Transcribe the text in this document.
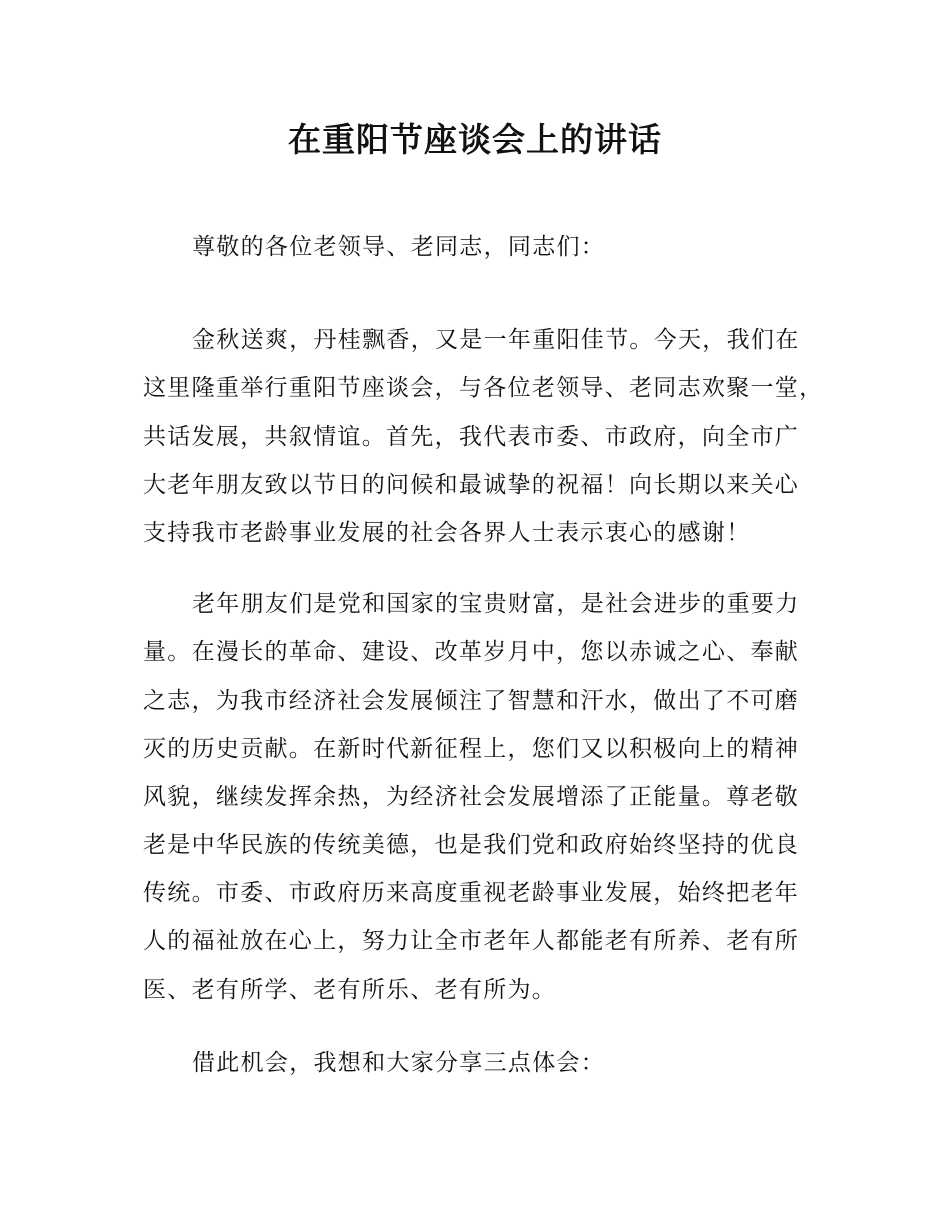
在重阳节座谈会上的讲话
尊敬的各位老领导、老同志，同志们：
金秋送爽，丹桂飘香，又是一年重阳佳节。今天，我们在
这里隆重举行重阳节座谈会，与各位老领导、老同志欢聚一堂，
共话发展，共叙情谊。首先，我代表市委、市政府，向全市广
大老年朋友致以节日的问候和最诚挚的祝福！向长期以来关心
支持我市老龄事业发展的社会各界人士表示衷心的感谢！
老年朋友们是党和国家的宝贵财富，是社会进步的重要力
量。在漫长的革命、建设、改革岁月中，您以赤诚之心、奉献
之志，为我市经济社会发展倾注了智慧和汗水，做出了不可磨
灭的历史贡献。在新时代新征程上，您们又以积极向上的精神
风貌，继续发挥余热，为经济社会发展增添了正能量。尊老敬
老是中华民族的传统美德，也是我们党和政府始终坚持的优良
传统。市委、市政府历来高度重视老龄事业发展，始终把老年
人的福祉放在心上，努力让全市老年人都能老有所养、老有所
医、老有所学、老有所乐、老有所为。
借此机会，我想和大家分享三点体会：
